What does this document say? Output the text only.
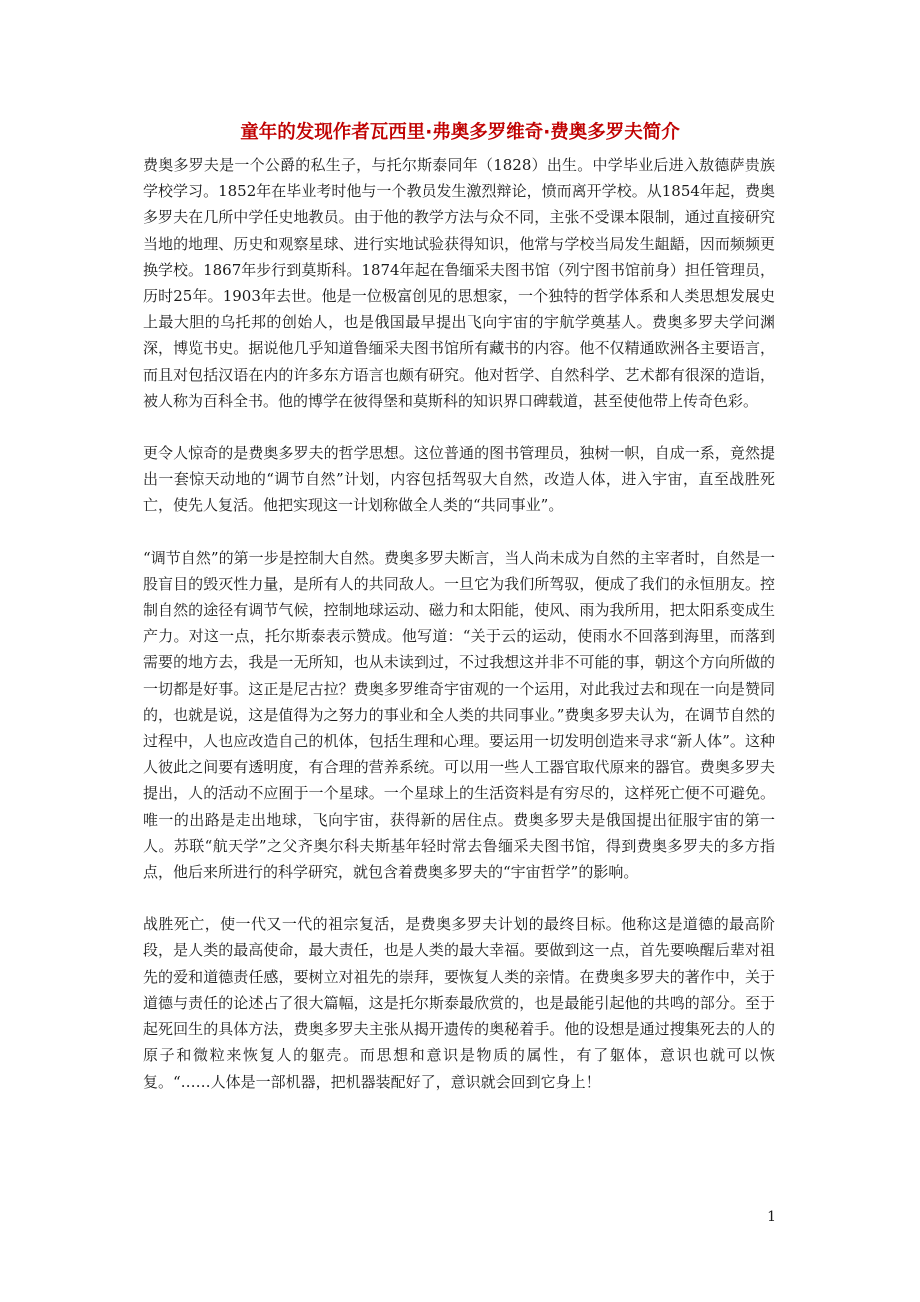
童年的发现作者瓦西里·弗奥多罗维奇·费奥多罗夫简介

费奥多罗夫是一个公爵的私生子，与托尔斯泰同年（1828）出生。中学毕业后进入敖德萨贵族学校学习。1852年在毕业考时他与一个教员发生激烈辩论，愤而离开学校。从1854年起，费奥多罗夫在几所中学任史地教员。由于他的教学方法与众不同，主张不受课本限制，通过直接研究当地的地理、历史和观察星球、进行实地试验获得知识，他常与学校当局发生龃龉，因而频频更换学校。1867年步行到莫斯科。1874年起在鲁缅采夫图书馆（列宁图书馆前身）担任管理员，历时25年。1903年去世。他是一位极富创见的思想家，一个独特的哲学体系和人类思想发展史上最大胆的乌托邦的创始人，也是俄国最早提出飞向宇宙的宇航学奠基人。费奥多罗夫学问渊深，博览书史。据说他几乎知道鲁缅采夫图书馆所有藏书的内容。他不仅精通欧洲各主要语言，而且对包括汉语在内的许多东方语言也颇有研究。他对哲学、自然科学、艺术都有很深的造诣，被人称为百科全书。他的博学在彼得堡和莫斯科的知识界口碑载道，甚至使他带上传奇色彩。

更令人惊奇的是费奥多罗夫的哲学思想。这位普通的图书管理员，独树一帜，自成一系，竟然提出一套惊天动地的“调节自然”计划，内容包括驾驭大自然，改造人体，进入宇宙，直至战胜死亡，使先人复活。他把实现这一计划称做全人类的“共同事业”。

“调节自然”的第一步是控制大自然。费奥多罗夫断言，当人尚未成为自然的主宰者时，自然是一股盲目的毁灭性力量，是所有人的共同敌人。一旦它为我们所驾驭，便成了我们的永恒朋友。控制自然的途径有调节气候，控制地球运动、磁力和太阳能，使风、雨为我所用，把太阳系变成生产力。对这一点，托尔斯泰表示赞成。他写道：“关于云的运动，使雨水不回落到海里，而落到需要的地方去，我是一无所知，也从未读到过，不过我想这并非不可能的事，朝这个方向所做的一切都是好事。这正是尼古拉？费奥多罗维奇宇宙观的一个运用，对此我过去和现在一向是赞同的，也就是说，这是值得为之努力的事业和全人类的共同事业。”费奥多罗夫认为，在调节自然的过程中，人也应改造自己的机体，包括生理和心理。要运用一切发明创造来寻求“新人体”。这种人彼此之间要有透明度，有合理的营养系统。可以用一些人工器官取代原来的器官。费奥多罗夫提出，人的活动不应囿于一个星球。一个星球上的生活资料是有穷尽的，这样死亡便不可避免。唯一的出路是走出地球，飞向宇宙，获得新的居住点。费奥多罗夫是俄国提出征服宇宙的第一人。苏联“航天学”之父齐奥尔科夫斯基年轻时常去鲁缅采夫图书馆，得到费奥多罗夫的多方指点，他后来所进行的科学研究，就包含着费奥多罗夫的“宇宙哲学”的影响。

战胜死亡，使一代又一代的祖宗复活，是费奥多罗夫计划的最终目标。他称这是道德的最高阶段，是人类的最高使命，最大责任，也是人类的最大幸福。要做到这一点，首先要唤醒后辈对祖先的爱和道德责任感，要树立对祖先的崇拜，要恢复人类的亲情。在费奥多罗夫的著作中，关于道德与责任的论述占了很大篇幅，这是托尔斯泰最欣赏的，也是最能引起他的共鸣的部分。至于起死回生的具体方法，费奥多罗夫主张从揭开遗传的奥秘着手。他的设想是通过搜集死去的人的原子和微粒来恢复人的躯壳。而思想和意识是物质的属性，有了躯体，意识也就可以恢复。“……人体是一部机器，把机器装配好了，意识就会回到它身上！

1
